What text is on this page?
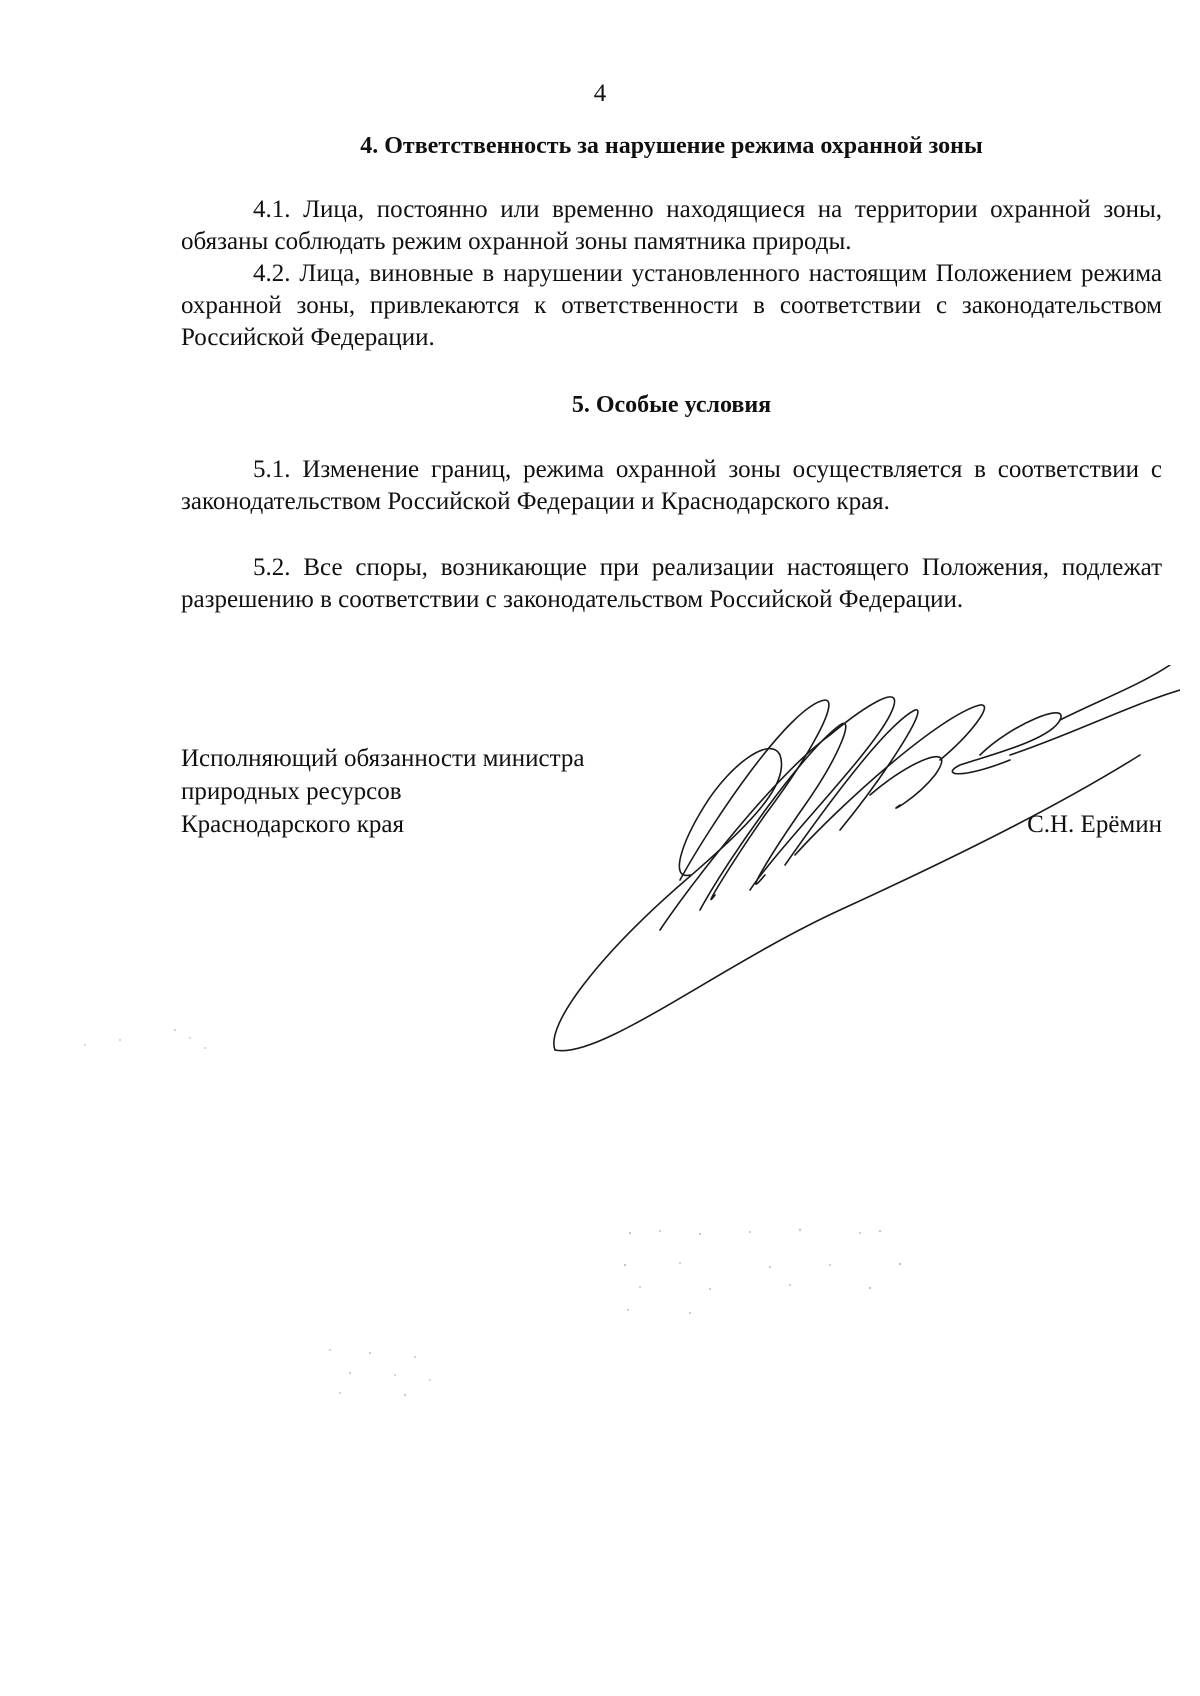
4
4. Ответственность за нарушение режима охранной зоны

4.1. Лица, постоянно или временно находящиеся на территории охранной зоны, обязаны соблюдать режим охранной зоны памятника природы.

4.2. Лица, виновные в нарушении установленного настоящим Положением режима охранной зоны, привлекаются к ответственности в соответствии с законодательством Российской Федерации.

5. Особые условия

5.1. Изменение границ, режима охранной зоны осуществляется в соответствии с законодательством Российской Федерации и Краснодарского края.

5.2. Все споры, возникающие при реализации настоящего Положения, подлежат разрешению в соответствии с законодательством Российской Федерации.

Исполняющий обязанности министра
природных ресурсов
Краснодарского края	С.Н. Ерёмин
